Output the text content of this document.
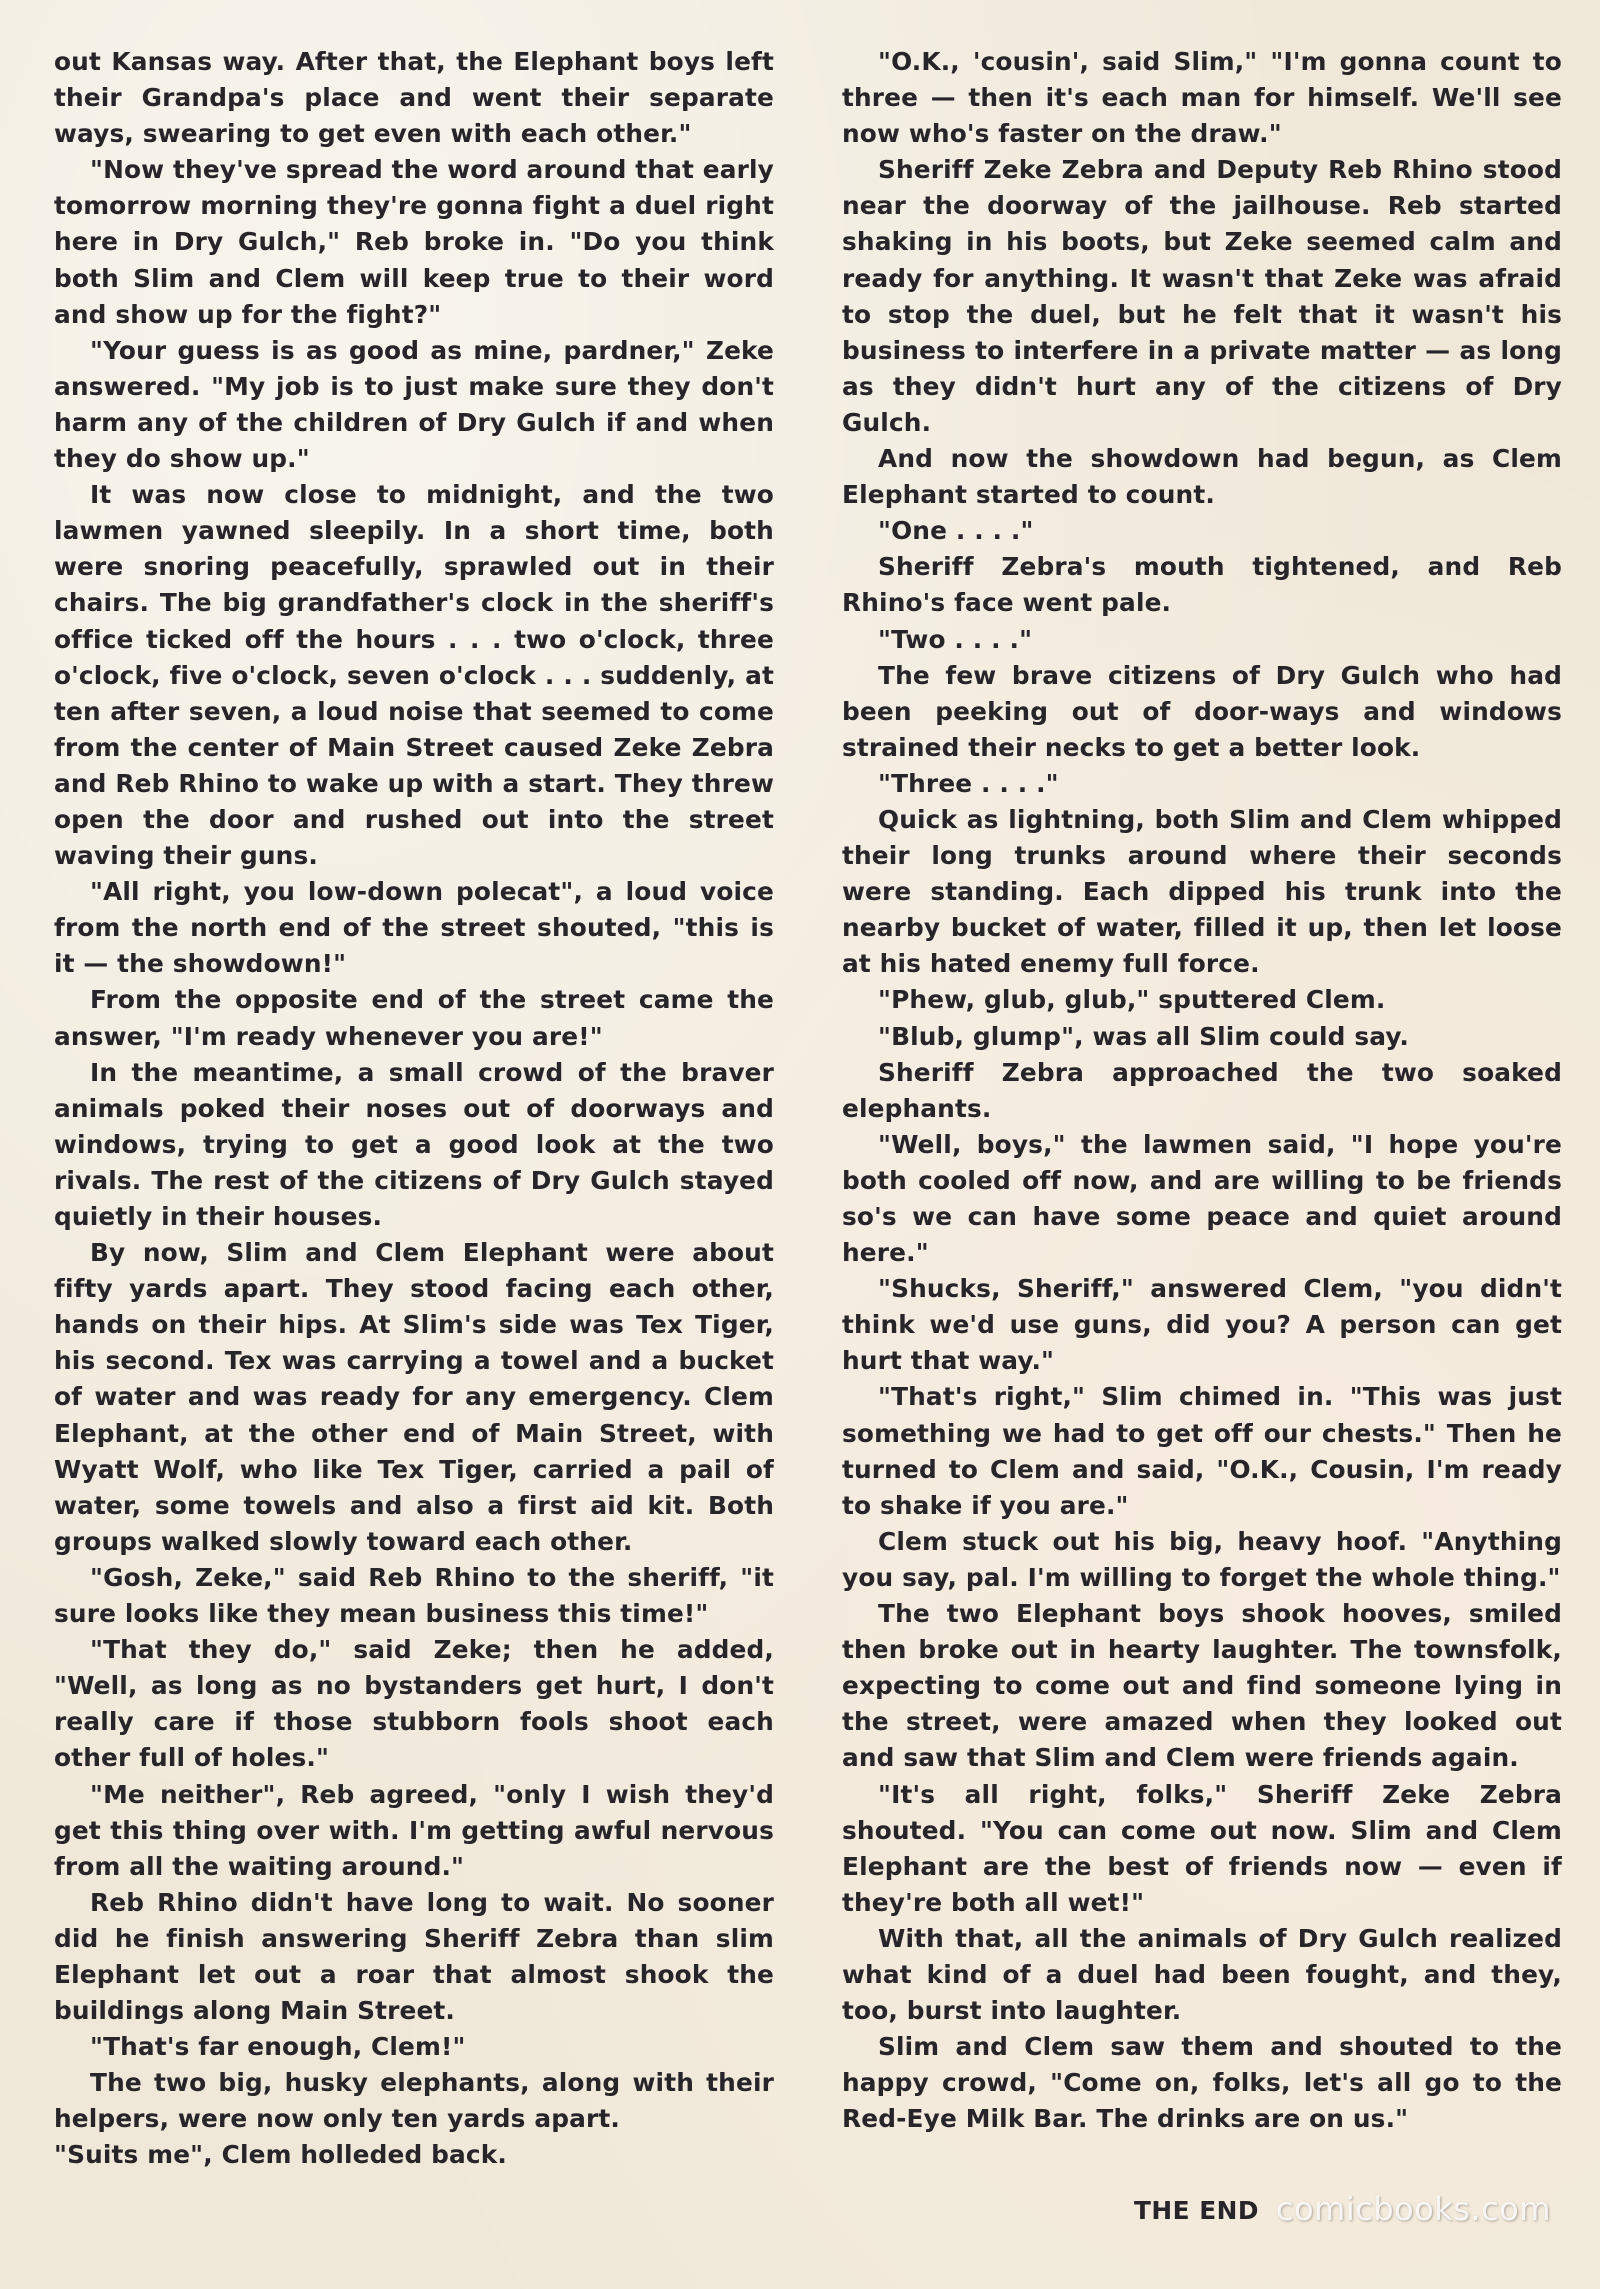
out Kansas way. After that, the Elephant boys left their Grandpa's place and went their separate ways, swearing to get even with each other."

"Now they've spread the word around that early tomorrow morning they're gonna fight a duel right here in Dry Gulch," Reb broke in. "Do you think both Slim and Clem will keep true to their word and show up for the fight?"

"Your guess is as good as mine, pardner," Zeke answered. "My job is to just make sure they don't harm any of the children of Dry Gulch if and when they do show up."

It was now close to midnight, and the two lawmen yawned sleepily. In a short time, both were snoring peacefully, sprawled out in their chairs. The big grandfather's clock in the sheriff's office ticked off the hours . . . two o'clock, three o'clock, five o'clock, seven o'clock . . . suddenly, at ten after seven, a loud noise that seemed to come from the center of Main Street caused Zeke Zebra and Reb Rhino to wake up with a start. They threw open the door and rushed out into the street waving their guns.

"All right, you low-down polecat", a loud voice from the north end of the street shouted, "this is it — the showdown!"

From the opposite end of the street came the answer, "I'm ready whenever you are!"

In the meantime, a small crowd of the braver animals poked their noses out of doorways and windows, trying to get a good look at the two rivals. The rest of the citizens of Dry Gulch stayed quietly in their houses.

By now, Slim and Clem Elephant were about fifty yards apart. They stood facing each other, hands on their hips. At Slim's side was Tex Tiger, his second. Tex was carrying a towel and a bucket of water and was ready for any emergency. Clem Elephant, at the other end of Main Street, with Wyatt Wolf, who like Tex Tiger, carried a pail of water, some towels and also a first aid kit. Both groups walked slowly toward each other.

"Gosh, Zeke," said Reb Rhino to the sheriff, "it sure looks like they mean business this time!"

"That they do," said Zeke; then he added, "Well, as long as no bystanders get hurt, I don't really care if those stubborn fools shoot each other full of holes."

"Me neither", Reb agreed, "only I wish they'd get this thing over with. I'm getting awful nervous from all the waiting around."

Reb Rhino didn't have long to wait. No sooner did he finish answering Sheriff Zebra than slim Elephant let out a roar that almost shook the buildings along Main Street.

"That's far enough, Clem!"

The two big, husky elephants, along with their helpers, were now only ten yards apart.

"Suits me", Clem holleded back.

"O.K., 'cousin', said Slim," "I'm gonna count to three — then it's each man for himself. We'll see now who's faster on the draw."

Sheriff Zeke Zebra and Deputy Reb Rhino stood near the doorway of the jailhouse. Reb started shaking in his boots, but Zeke seemed calm and ready for anything. It wasn't that Zeke was afraid to stop the duel, but he felt that it wasn't his business to interfere in a private matter — as long as they didn't hurt any of the citizens of Dry Gulch.

And now the showdown had begun, as Clem Elephant started to count.

"One . . . ."

Sheriff Zebra's mouth tightened, and Reb Rhino's face went pale.

"Two . . . ."

The few brave citizens of Dry Gulch who had been peeking out of door-ways and windows strained their necks to get a better look.

"Three . . . ."

Quick as lightning, both Slim and Clem whipped their long trunks around where their seconds were standing. Each dipped his trunk into the nearby bucket of water, filled it up, then let loose at his hated enemy full force.

"Phew, glub, glub," sputtered Clem.

"Blub, glump", was all Slim could say.

Sheriff Zebra approached the two soaked elephants.

"Well, boys," the lawmen said, "I hope you're both cooled off now, and are willing to be friends so's we can have some peace and quiet around here."

"Shucks, Sheriff," answered Clem, "you didn't think we'd use guns, did you? A person can get hurt that way."

"That's right," Slim chimed in. "This was just something we had to get off our chests." Then he turned to Clem and said, "O.K., Cousin, I'm ready to shake if you are."

Clem stuck out his big, heavy hoof. "Anything you say, pal. I'm willing to forget the whole thing."

The two Elephant boys shook hooves, smiled then broke out in hearty laughter. The townsfolk, expecting to come out and find someone lying in the street, were amazed when they looked out and saw that Slim and Clem were friends again.

"It's all right, folks," Sheriff Zeke Zebra shouted. "You can come out now. Slim and Clem Elephant are the best of friends now — even if they're both all wet!"

With that, all the animals of Dry Gulch realized what kind of a duel had been fought, and they, too, burst into laughter.

Slim and Clem saw them and shouted to the happy crowd, "Come on, folks, let's all go to the Red-Eye Milk Bar. The drinks are on us."

THE END comicbooks.com
